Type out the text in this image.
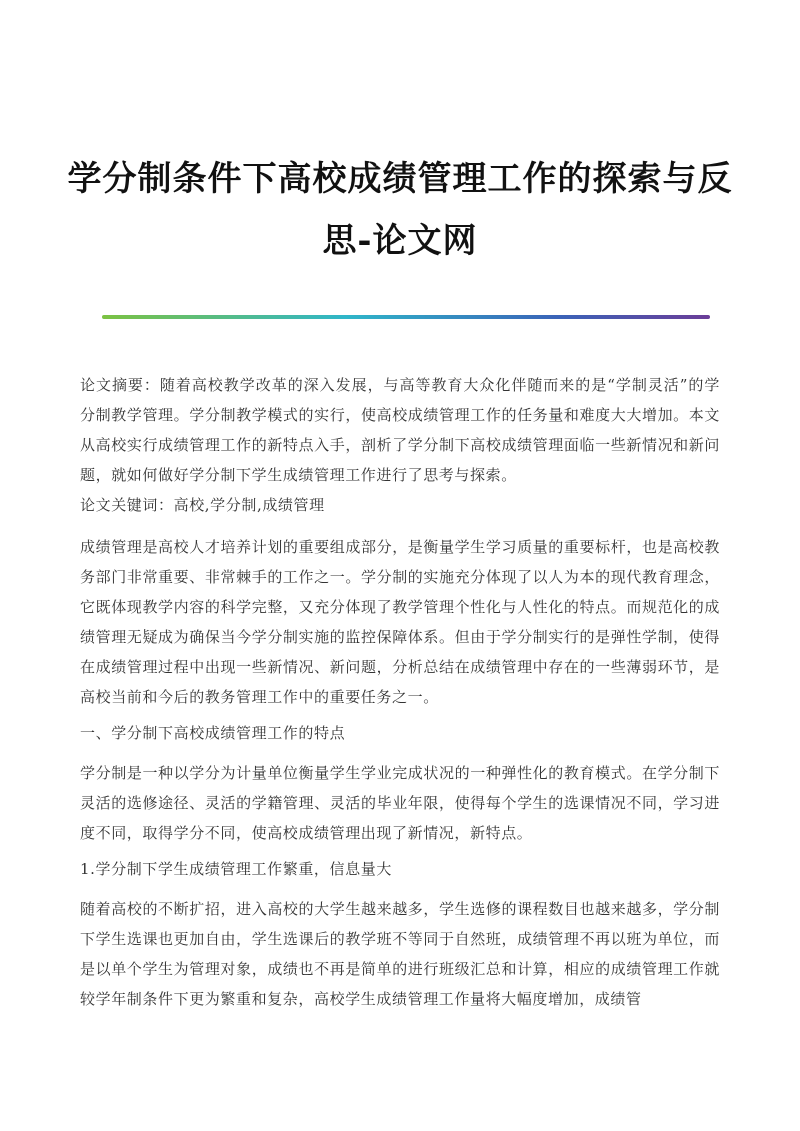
学分制条件下高校成绩管理工作的探索与反
思-论文网

论文摘要：随着高校教学改革的深入发展，与高等教育大众化伴随而来的是“学制灵活”的学分制教学管理。学分制教学模式的实行，使高校成绩管理工作的任务量和难度大大增加。本文从高校实行成绩管理工作的新特点入手，剖析了学分制下高校成绩管理面临一些新情况和新问题，就如何做好学分制下学生成绩管理工作进行了思考与探索。

论文关键词：高校,学分制,成绩管理

成绩管理是高校人才培养计划的重要组成部分，是衡量学生学习质量的重要标杆，也是高校教务部门非常重要、非常棘手的工作之一。学分制的实施充分体现了以人为本的现代教育理念，它既体现教学内容的科学完整，又充分体现了教学管理个性化与人性化的特点。而规范化的成绩管理无疑成为确保当今学分制实施的监控保障体系。但由于学分制实行的是弹性学制，使得在成绩管理过程中出现一些新情况、新问题，分析总结在成绩管理中存在的一些薄弱环节，是高校当前和今后的教务管理工作中的重要任务之一。

一、学分制下高校成绩管理工作的特点

学分制是一种以学分为计量单位衡量学生学业完成状况的一种弹性化的教育模式。在学分制下灵活的选修途径、灵活的学籍管理、灵活的毕业年限，使得每个学生的选课情况不同，学习进度不同，取得学分不同，使高校成绩管理出现了新情况，新特点。

1.学分制下学生成绩管理工作繁重，信息量大

随着高校的不断扩招，进入高校的大学生越来越多，学生选修的课程数目也越来越多，学分制下学生选课也更加自由，学生选课后的教学班不等同于自然班，成绩管理不再以班为单位，而是以单个学生为管理对象，成绩也不再是简单的进行班级汇总和计算，相应的成绩管理工作就较学年制条件下更为繁重和复杂，高校学生成绩管理工作量将大幅度增加，成绩管
